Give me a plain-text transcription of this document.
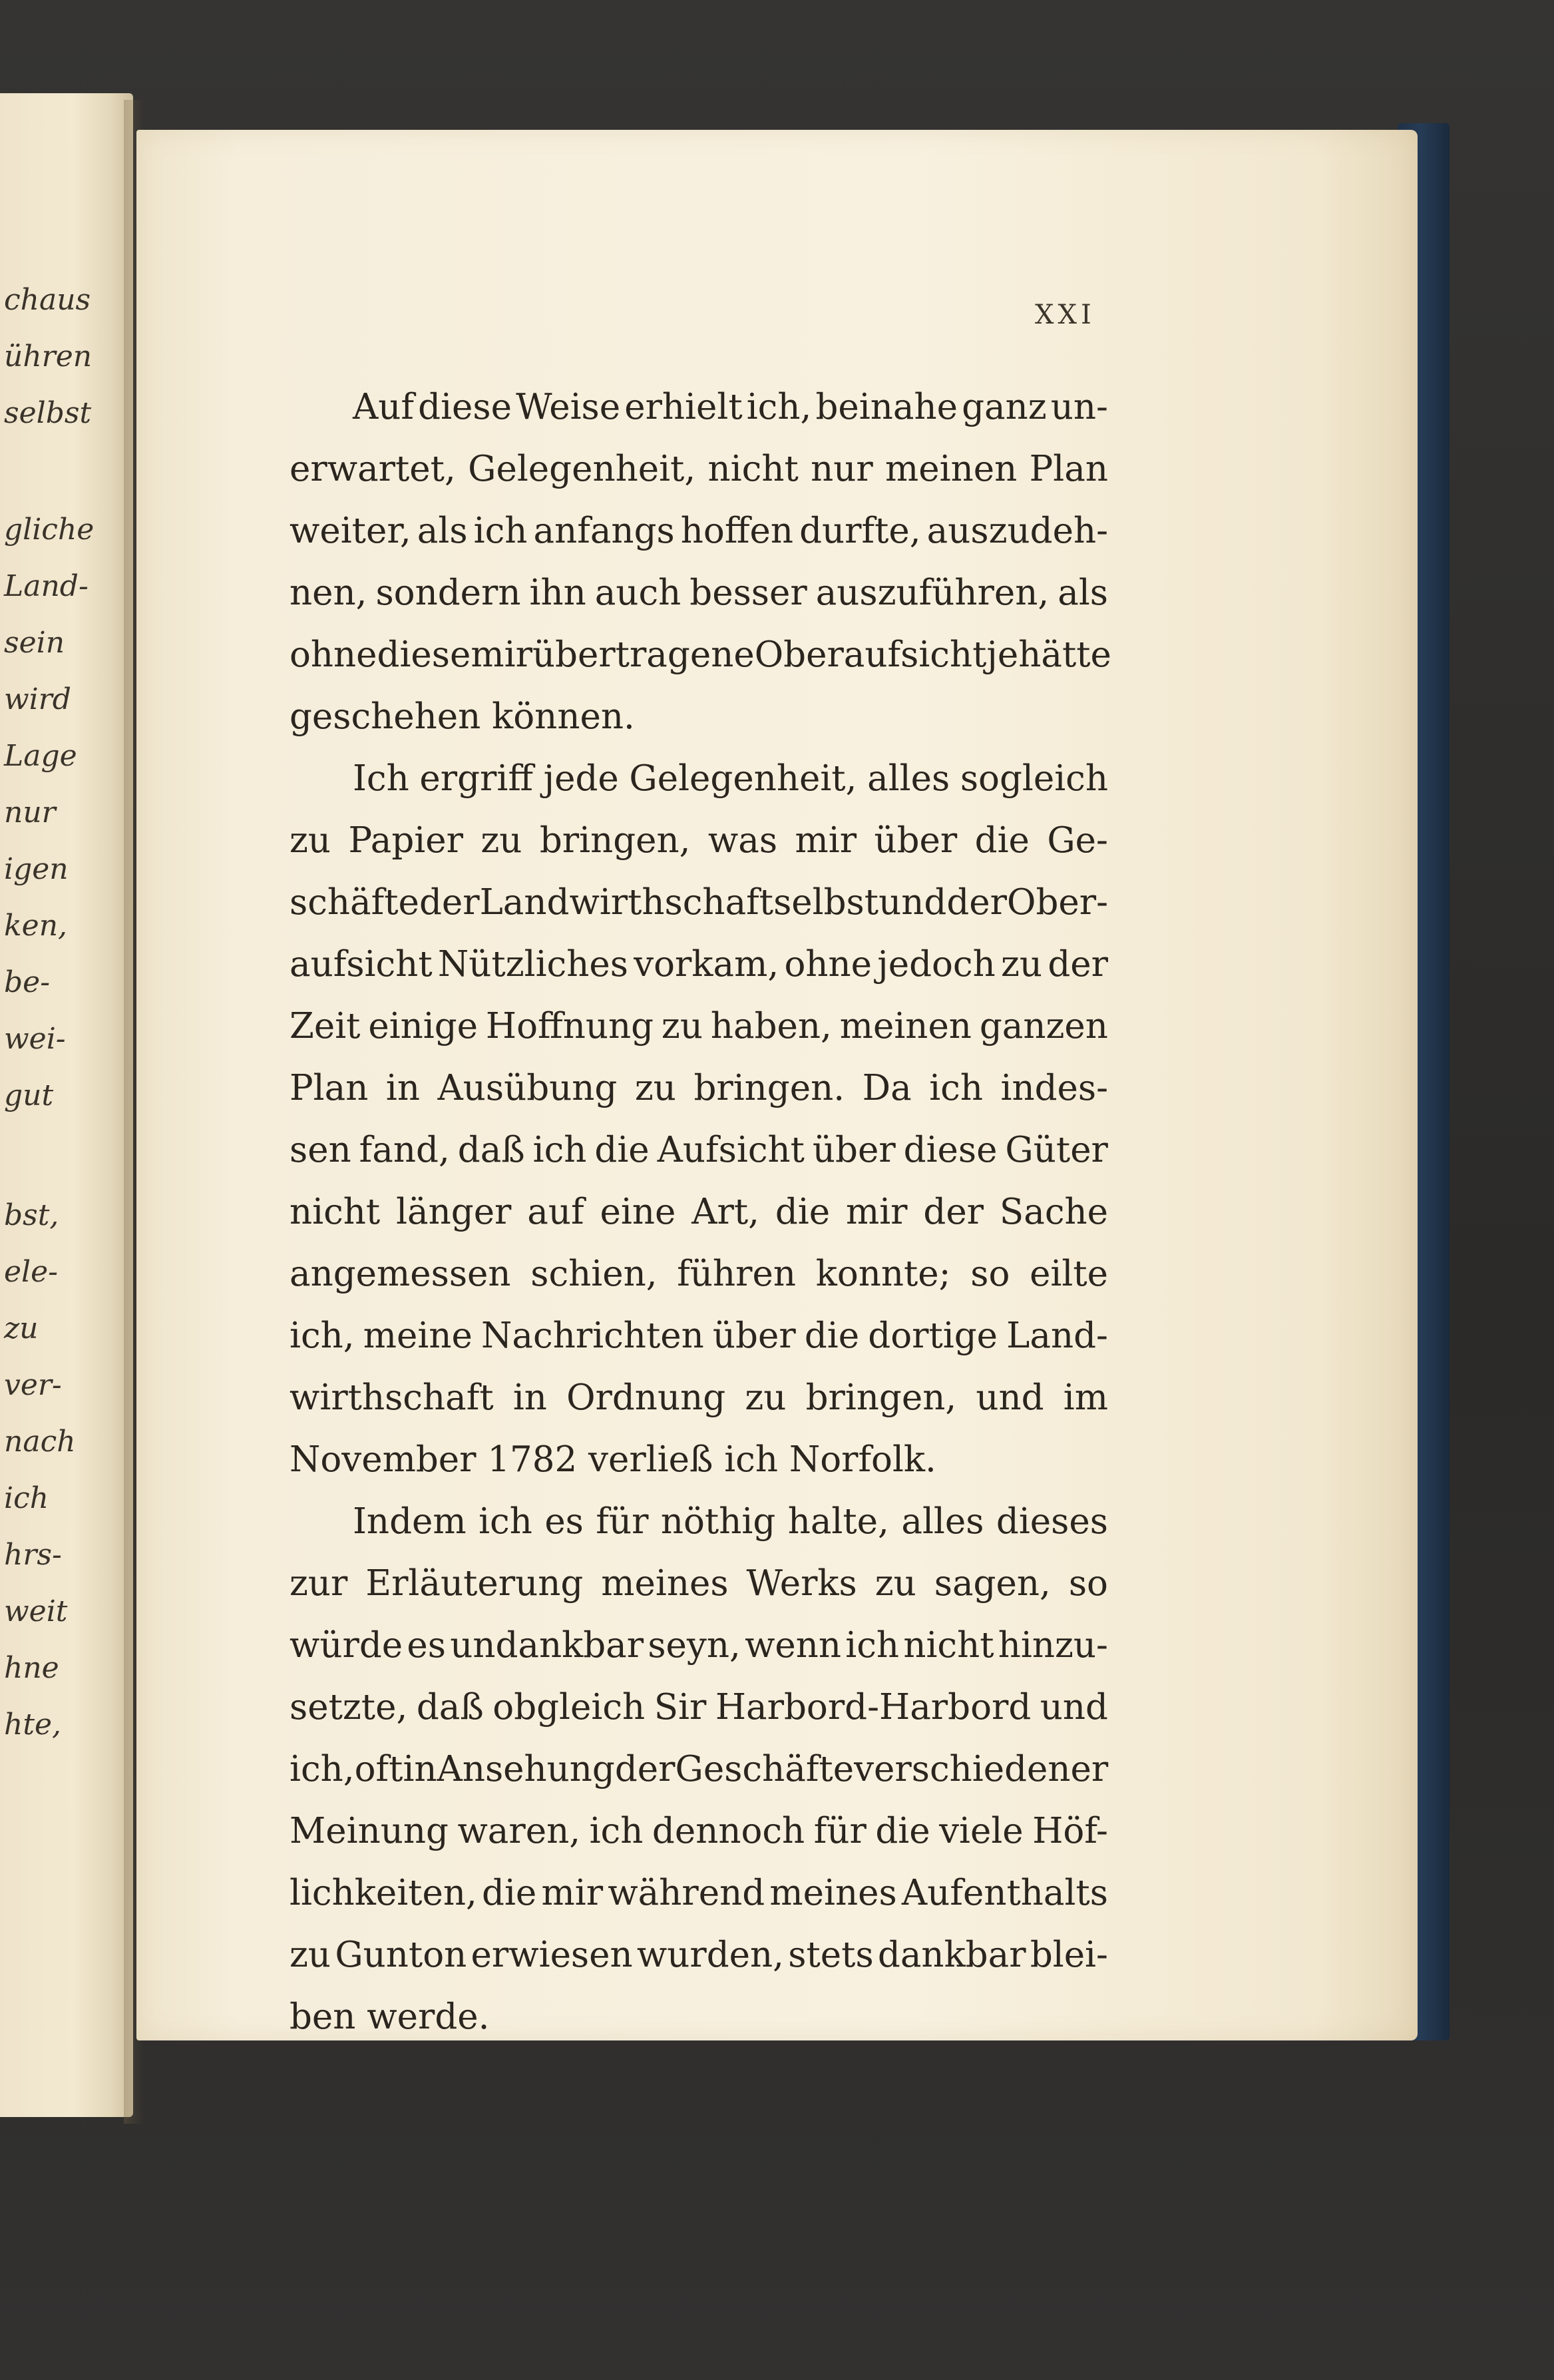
chaus
ühren
selbst
gliche
Land-
sein
wird
Lage
nur
igen
ken,
be-
wei-
gut
bst,
ele-
zu
ver-
nach
ich
hrs-
weit
hne
hte,
XXI
Auf diese Weise erhielt ich, beinahe ganz un-
erwartet, Gelegenheit, nicht nur meinen Plan
weiter, als ich anfangs hoffen durfte, auszudeh-
nen, sondern ihn auch besser auszuführen, als
ohne diese mir übertragene Oberaufsicht je hätte
geschehen können.
Ich ergriff jede Gelegenheit, alles sogleich
zu Papier zu bringen, was mir über die Ge-
schäfte der Landwirthschaft selbst und der Ober-
aufsicht Nützliches vorkam, ohne jedoch zu der
Zeit einige Hoffnung zu haben, meinen ganzen
Plan in Ausübung zu bringen. Da ich indes-
sen fand, daß ich die Aufsicht über diese Güter
nicht länger auf eine Art, die mir der Sache
angemessen schien, führen konnte; so eilte
ich, meine Nachrichten über die dortige Land-
wirthschaft in Ordnung zu bringen, und im
November 1782 verließ ich Norfolk.
Indem ich es für nöthig halte, alles dieses
zur Erläuterung meines Werks zu sagen, so
würde es undankbar seyn, wenn ich nicht hinzu-
setzte, daß obgleich Sir Harbord-Harbord und
ich, oft in Ansehung der Geschäfte verschiedener
Meinung waren, ich dennoch für die viele Höf-
lichkeiten, die mir während meines Aufenthalts
zu Gunton erwiesen wurden, stets dankbar blei-
ben werde.
